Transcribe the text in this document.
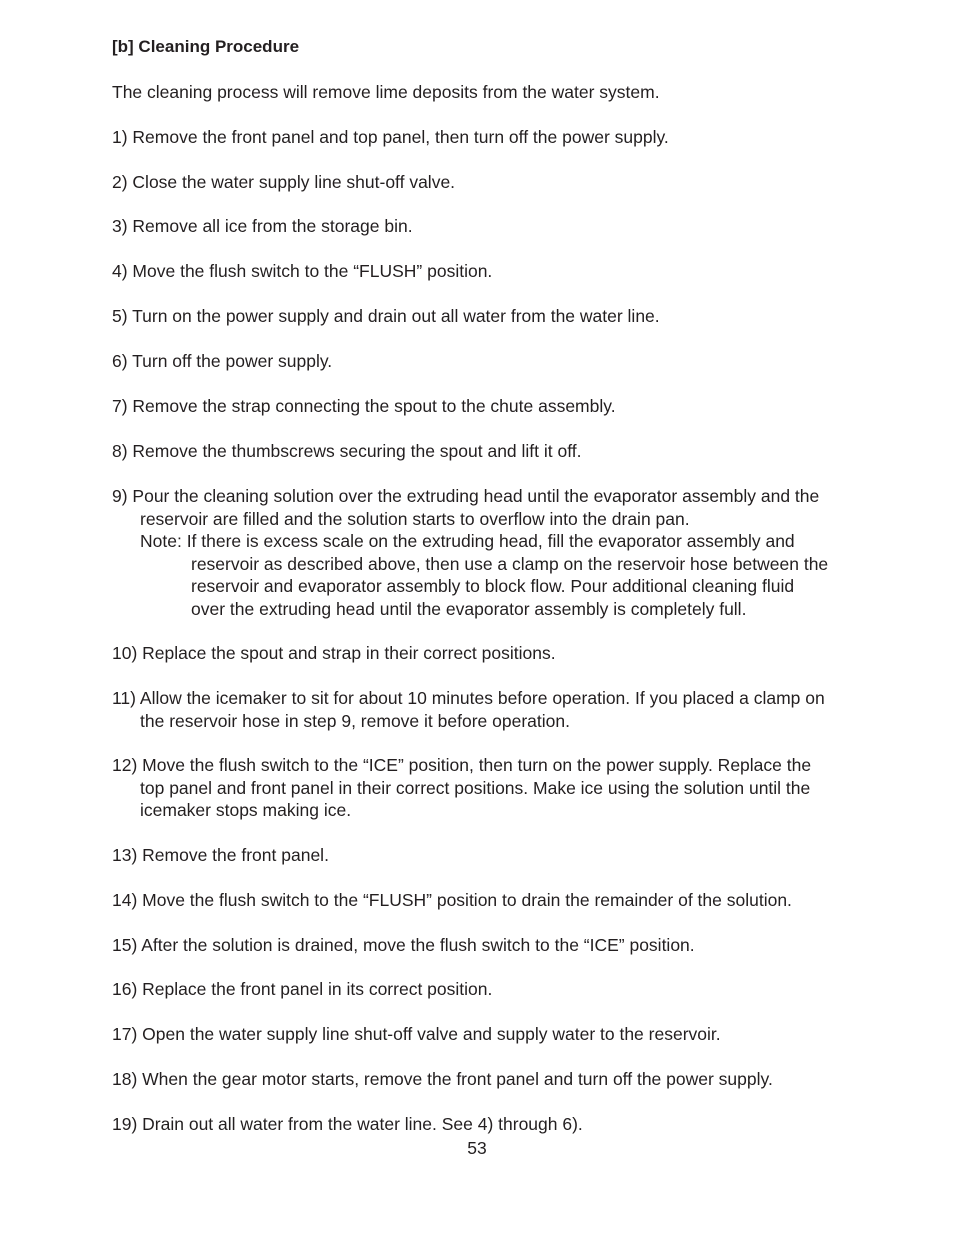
[b] Cleaning Procedure
The cleaning process will remove lime deposits from the water system.
1) Remove the front panel and top panel, then turn off the power supply.
2) Close the water supply line shut-off valve.
3) Remove all ice from the storage bin.
4) Move the flush switch to the “FLUSH” position.
5) Turn on the power supply and drain out all water from the water line.
6) Turn off the power supply.
7) Remove the strap connecting the spout to the chute assembly.
8) Remove the thumbscrews securing the spout and lift it off.
9) Pour the cleaning solution over the extruding head until the evaporator assembly and the
reservoir are filled and the solution starts to overflow into the drain pan.
Note: If there is excess scale on the extruding head, fill the evaporator assembly and
reservoir as described above, then use a clamp on the reservoir hose between the
reservoir and evaporator assembly to block flow. Pour additional cleaning fluid
over the extruding head until the evaporator assembly is completely full.
10) Replace the spout and strap in their correct positions.
11) Allow the icemaker to sit for about 10 minutes before operation. If you placed a clamp on
the reservoir hose in step 9, remove it before operation.
12) Move the flush switch to the “ICE” position, then turn on the power supply. Replace the
top panel and front panel in their correct positions. Make ice using the solution until the
icemaker stops making ice.
13) Remove the front panel.
14) Move the flush switch to the “FLUSH” position to drain the remainder of the solution.
15) After the solution is drained, move the flush switch to the “ICE” position.
16) Replace the front panel in its correct position.
17) Open the water supply line shut-off valve and supply water to the reservoir.
18) When the gear motor starts, remove the front panel and turn off the power supply.
19) Drain out all water from the water line. See 4) through 6).
53
